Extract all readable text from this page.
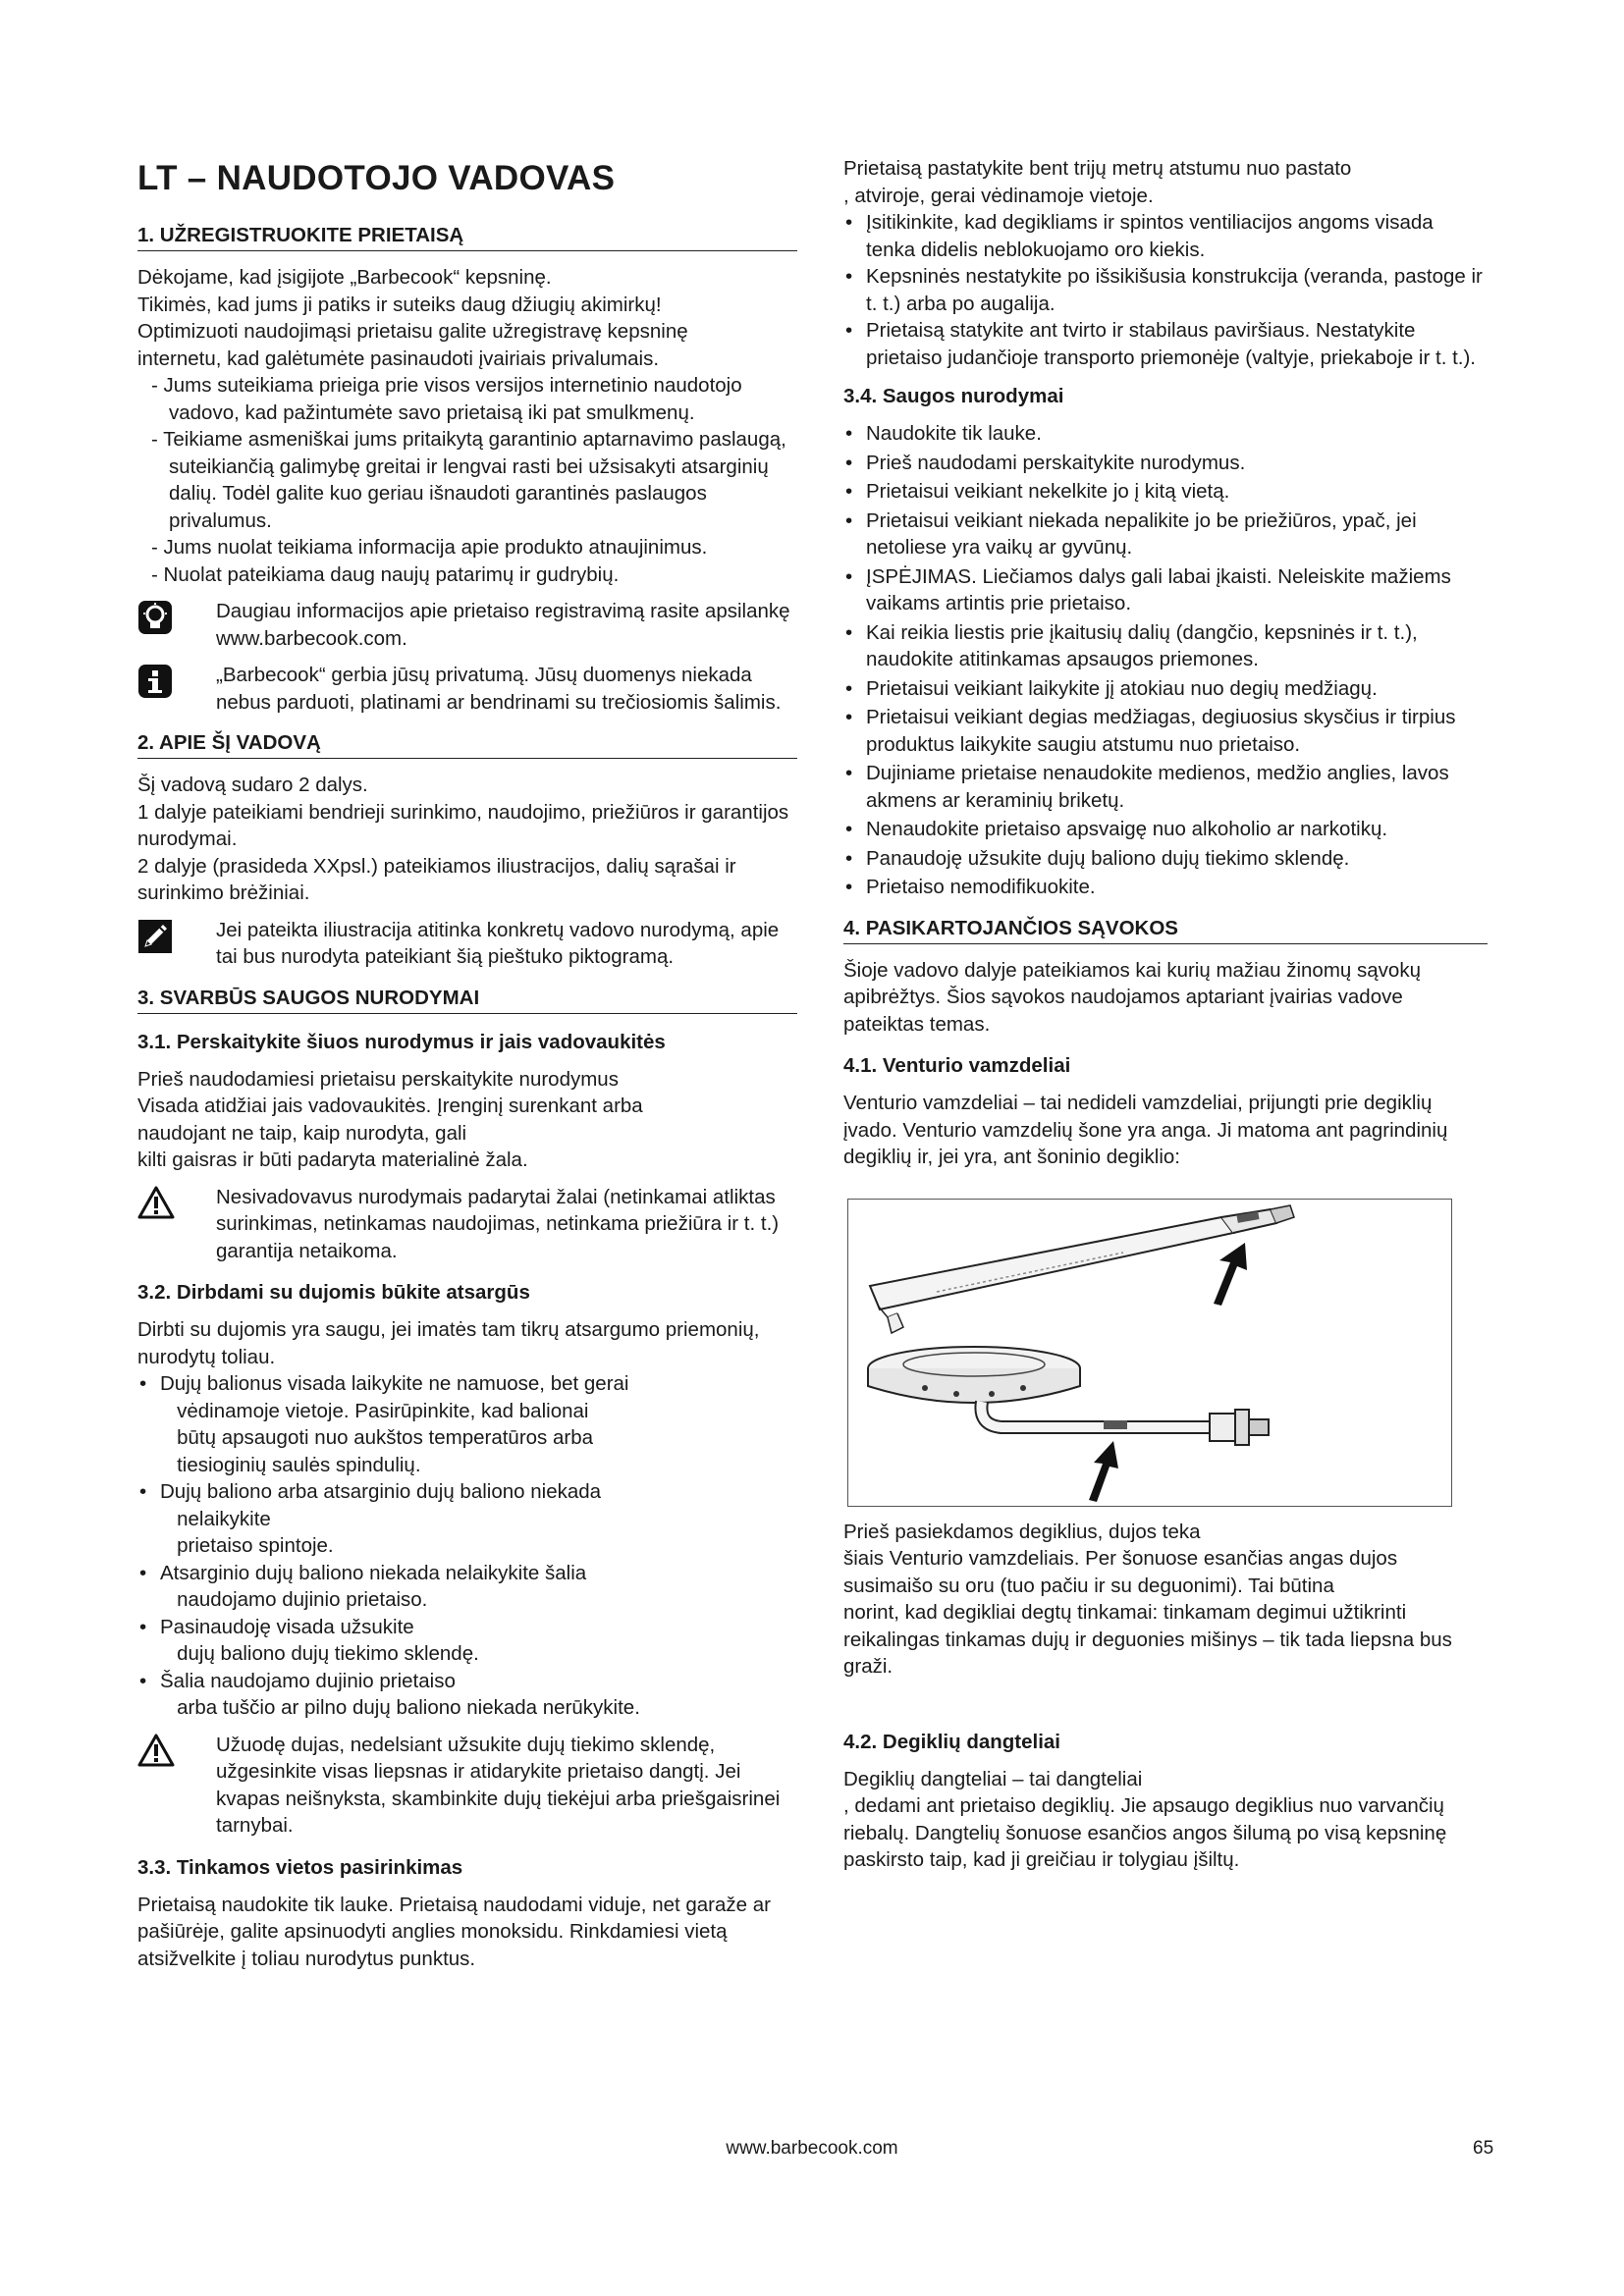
LT – NAUDOTOJO VADOVAS
1. UŽREGISTRUOKITE PRIETAISĄ

Dėkojame, kad įsigijote „Barbecook“ kepsninę.

Tikimės, kad jums ji patiks ir suteiks daug džiugių akimirkų!

Optimizuoti naudojimąsi prietaisu galite užregistravę kepsninę

internetu, kad galėtumėte pasinaudoti įvairiais privalumais.

- Jums suteikiama prieiga prie visos versijos internetinio naudotojo vadovo, kad pažintumėte savo prietaisą iki pat smulkmenų.
- Teikiame asmeniškai jums pritaikytą garantinio aptarnavimo paslaugą, suteikiančią galimybę greitai ir lengvai rasti bei užsisakyti atsarginių dalių. Todėl galite kuo geriau išnaudoti garantinės paslaugos privalumus.
- Jums nuolat teikiama informacija apie produkto atnaujinimus.
- Nuolat pateikiama daug naujų patarimų ir gudrybių.

Daugiau informacijos apie prietaiso registravimą rasite apsilankę www.barbecook.com.

„Barbecook“ gerbia jūsų privatumą. Jūsų duomenys niekada nebus parduoti, platinami ar bendrinami su trečiosiomis šalimis.

2. APIE ŠĮ VADOVĄ

Šį vadovą sudaro 2 dalys.

1 dalyje pateikiami bendrieji surinkimo, naudojimo, priežiūros ir garantijos nurodymai.

2 dalyje (prasideda XXpsl.) pateikiamos iliustracijos, dalių sąrašai ir surinkimo brėžiniai.

Jei pateikta iliustracija atitinka konkretų vadovo nurodymą, apie tai bus nurodyta pateikiant šią pieštuko piktogramą.

3. SVARBŪS SAUGOS NURODYMAI
3.1. Perskaitykite šiuos nurodymus ir jais vadovaukitės

Prieš naudodamiesi prietaisu perskaitykite nurodymus

Visada atidžiai jais vadovaukitės. Įrenginį surenkant arba

naudojant ne taip, kaip nurodyta, gali

kilti gaisras ir būti padaryta materialinė žala.

Nesivadovavus nurodymais padarytai žalai (netinkamai atliktas surinkimas, netinkamas naudojimas, netinkama priežiūra ir t. t.) garantija netaikoma.

3.2. Dirbdami su dujomis būkite atsargūs

Dirbti su dujomis yra saugu, jei imatės tam tikrų atsargumo priemonių, nurodytų toliau.

• Dujų balionus visada laikykite ne namuose, bet gerai
vėdinamoje vietoje. Pasirūpinkite, kad balionai
būtų apsaugoti nuo aukštos temperatūros arba
tiesioginių saulės spindulių.
• Dujų baliono arba atsarginio dujų baliono niekada
nelaikykite
prietaiso spintoje.
• Atsarginio dujų baliono niekada nelaikykite šalia
naudojamo dujinio prietaiso.
• Pasinaudoję visada užsukite
dujų baliono dujų tiekimo sklendę.
• Šalia naudojamo dujinio prietaiso
arba tuščio ar pilno dujų baliono niekada nerūkykite.

Užuodę dujas, nedelsiant užsukite dujų tiekimo sklendę, užgesinkite visas liepsnas ir atidarykite prietaiso dangtį. Jei kvapas neišnyksta, skambinkite dujų tiekėjui arba priešgaisrinei tarnybai.

3.3. Tinkamos vietos pasirinkimas

Prietaisą naudokite tik lauke. Prietaisą naudodami viduje, net garaže ar pašiūrėje, galite apsinuodyti anglies monoksidu. Rinkdamiesi vietą atsižvelkite į toliau nurodytus punktus.

Prietaisą pastatykite bent trijų metrų atstumu nuo pastato

, atviroje, gerai vėdinamoje vietoje.

• Įsitikinkite, kad degikliams ir spintos ventiliacijos angoms visada tenka didelis neblokuojamo oro kiekis.
• Kepsninės nestatykite po išsikišusia konstrukcija (veranda, pastoge ir t. t.) arba po augalija.
• Prietaisą statykite ant tvirto ir stabilaus paviršiaus. Nestatykite prietaiso judančioje transporto priemonėje (valtyje, priekaboje ir t. t.).
3.4. Saugos nurodymai
• Naudokite tik lauke.
• Prieš naudodami perskaitykite nurodymus.
• Prietaisui veikiant nekelkite jo į kitą vietą.
• Prietaisui veikiant niekada nepalikite jo be priežiūros, ypač, jei netoliese yra vaikų ar gyvūnų.
• ĮSPĖJIMAS. Liečiamos dalys gali labai įkaisti. Neleiskite mažiems vaikams artintis prie prietaiso.
• Kai reikia liestis prie įkaitusių dalių (dangčio, kepsninės ir t. t.), naudokite atitinkamas apsaugos priemones.
• Prietaisui veikiant laikykite jį atokiau nuo degių medžiagų.
• Prietaisui veikiant degias medžiagas, degiuosius skysčius ir tirpius produktus laikykite saugiu atstumu nuo prietaiso.
• Dujiniame prietaise nenaudokite medienos, medžio anglies, lavos akmens ar keraminių briketų.
• Nenaudokite prietaiso apsvaigę nuo alkoholio ar narkotikų.
• Panaudoję užsukite dujų baliono dujų tiekimo sklendę.
• Prietaiso nemodifikuokite.
4. PASIKARTOJANČIOS SĄVOKOS

Šioje vadovo dalyje pateikiamos kai kurių mažiau žinomų sąvokų apibrėžtys. Šios sąvokos naudojamos aptariant įvairias vadove pateiktas temas.

4.1. Venturio vamzdeliai

Venturio vamzdeliai – tai nedideli vamzdeliai, prijungti prie degiklių įvado. Venturio vamzdelių šone yra anga. Ji matoma ant pagrindinių degiklių ir, jei yra, ant šoninio degiklio:

Prieš pasiekdamos degiklius, dujos teka

šiais Venturio vamzdeliais. Per šonuose esančias angas dujos susimaišo su oru (tuo pačiu ir su deguonimi). Tai būtina

norint, kad degikliai degtų tinkamai: tinkamam degimui užtikrinti reikalingas tinkamas dujų ir deguonies mišinys – tik tada liepsna bus graži.

4.2. Degiklių dangteliai

Degiklių dangteliai – tai dangteliai

, dedami ant prietaiso degiklių. Jie apsaugo degiklius nuo varvančių riebalų. Dangtelių šonuose esančios angos šilumą po visą kepsninę paskirsto taip, kad ji greičiau ir tolygiau įšiltų.

www.barbecook.com	65
